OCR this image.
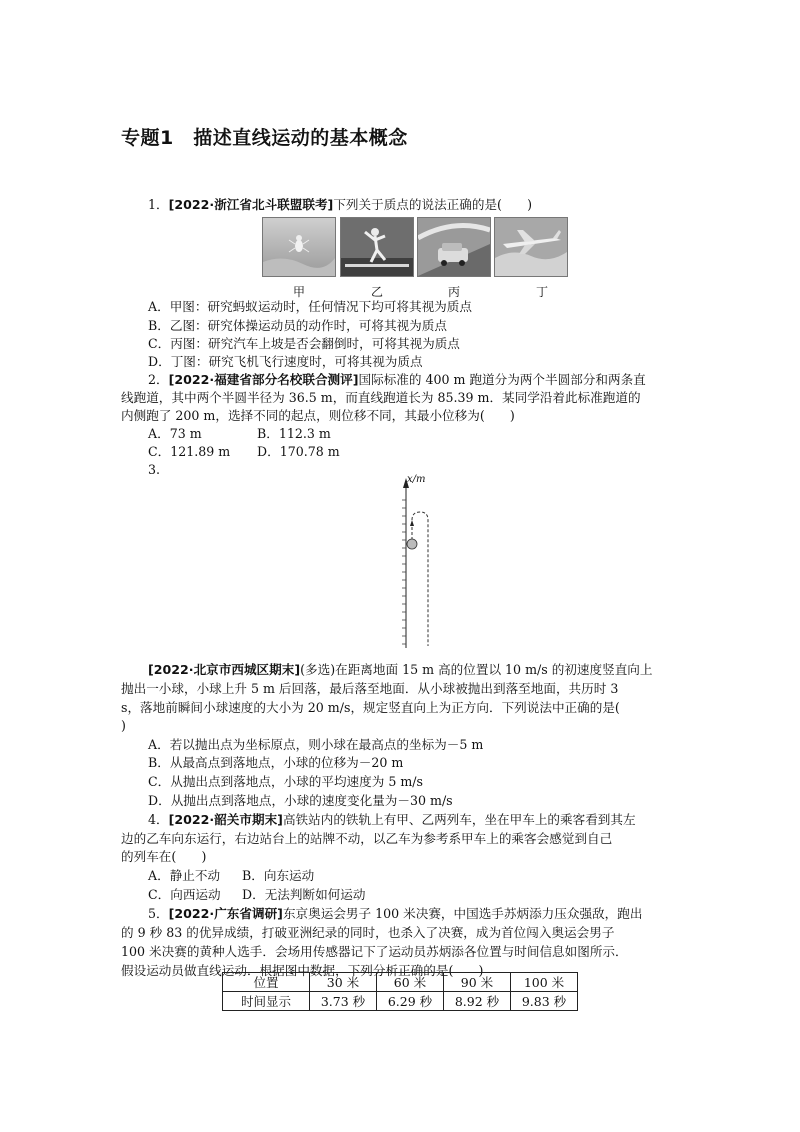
专题1　描述直线运动的基本概念
1．[2022·浙江省北斗联盟联考]下列关于质点的说法正确的是(　　)
甲	乙	丙	丁
A．甲图：研究蚂蚁运动时，任何情况下均可将其视为质点
B．乙图：研究体操运动员的动作时，可将其视为质点
C．丙图：研究汽车上坡是否会翻倒时，可将其视为质点
D．丁图：研究飞机飞行速度时，可将其视为质点
2．[2022·福建省部分名校联合测评]国际标准的 400 m 跑道分为两个半圆部分和两条直
线跑道，其中两个半圆半径为 36.5 m，而直线跑道长为 85.39 m．某同学沿着此标准跑道的
内侧跑了 200 m，选择不同的起点，则位移不同，其最小位移为(　　)
A．73 m	B．112.3 m
C．121.89 m D．170.78 m
3.
x/m
[2022·北京市西城区期末](多选)在距离地面 15 m 高的位置以 10 m/s 的初速度竖直向上
抛出一小球，小球上升 5 m 后回落，最后落至地面．从小球被抛出到落至地面，共历时 3
s，落地前瞬间小球速度的大小为 20 m/s，规定竖直向上为正方向．下列说法中正确的是(
)
A．若以抛出点为坐标原点，则小球在最高点的坐标为－5 m
B．从最高点到落地点，小球的位移为－20 m
C．从抛出点到落地点，小球的平均速度为 5 m/s
D．从抛出点到落地点，小球的速度变化量为－30 m/s
4．[2022·韶关市期末]高铁站内的铁轨上有甲、乙两列车，坐在甲车上的乘客看到其左
边的乙车向东运行，右边站台上的站牌不动，以乙车为参考系甲车上的乘客会感觉到自己
的列车在(　　)
A．静止不动 B．向东运动
C．向西运动 D．无法判断如何运动
5．[2022·广东省调研]东京奥运会男子 100 米决赛，中国选手苏炳添力压众强敌，跑出
的 9 秒 83 的优异成绩，打破亚洲纪录的同时，也杀入了决赛，成为首位闯入奥运会男子
100 米决赛的黄种人选手．会场用传感器记下了运动员苏炳添各位置与时间信息如图所示．
假设运动员做直线运动．根据图中数据，下列分析正确的是(　　)
位置	30 米	60 米	90 米	100 米
时间显示	3.73 秒	6.29 秒	8.92 秒	9.83 秒
